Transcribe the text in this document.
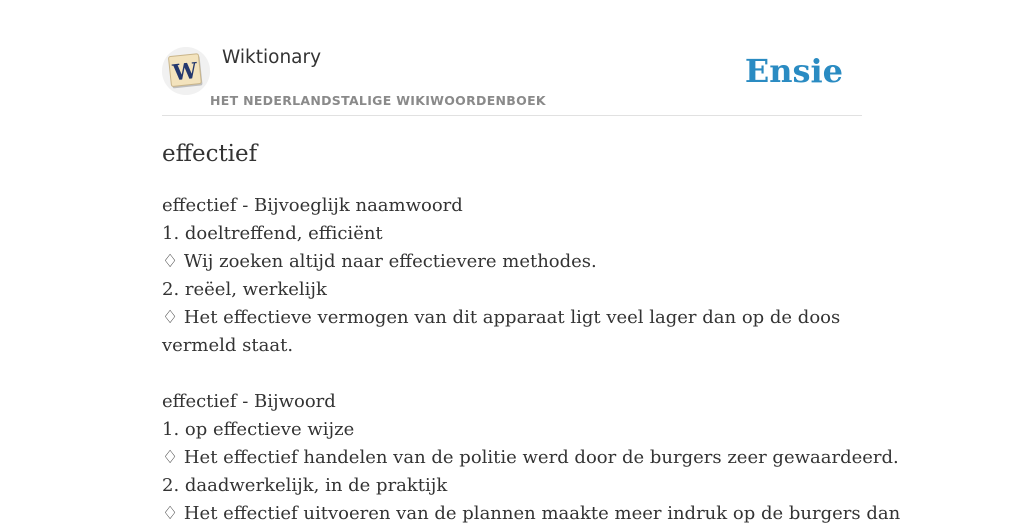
W
Wiktionary
HET NEDERLANDSTALIGE WIKIWOORDENBOEK
Ensie
effectief
effectief - Bijvoeglijk naamwoord
1. doeltreffend, efficiënt
♢ Wij zoeken altijd naar effectievere methodes.
2. reëel, werkelijk
♢ Het effectieve vermogen van dit apparaat ligt veel lager dan op de doos vermeld staat.
effectief - Bijwoord
1. op effectieve wijze
♢ Het effectief handelen van de politie werd door de burgers zeer gewaardeerd.
2. daadwerkelijk, in de praktijk
♢ Het effectief uitvoeren van de plannen maakte meer indruk op de burgers dan
